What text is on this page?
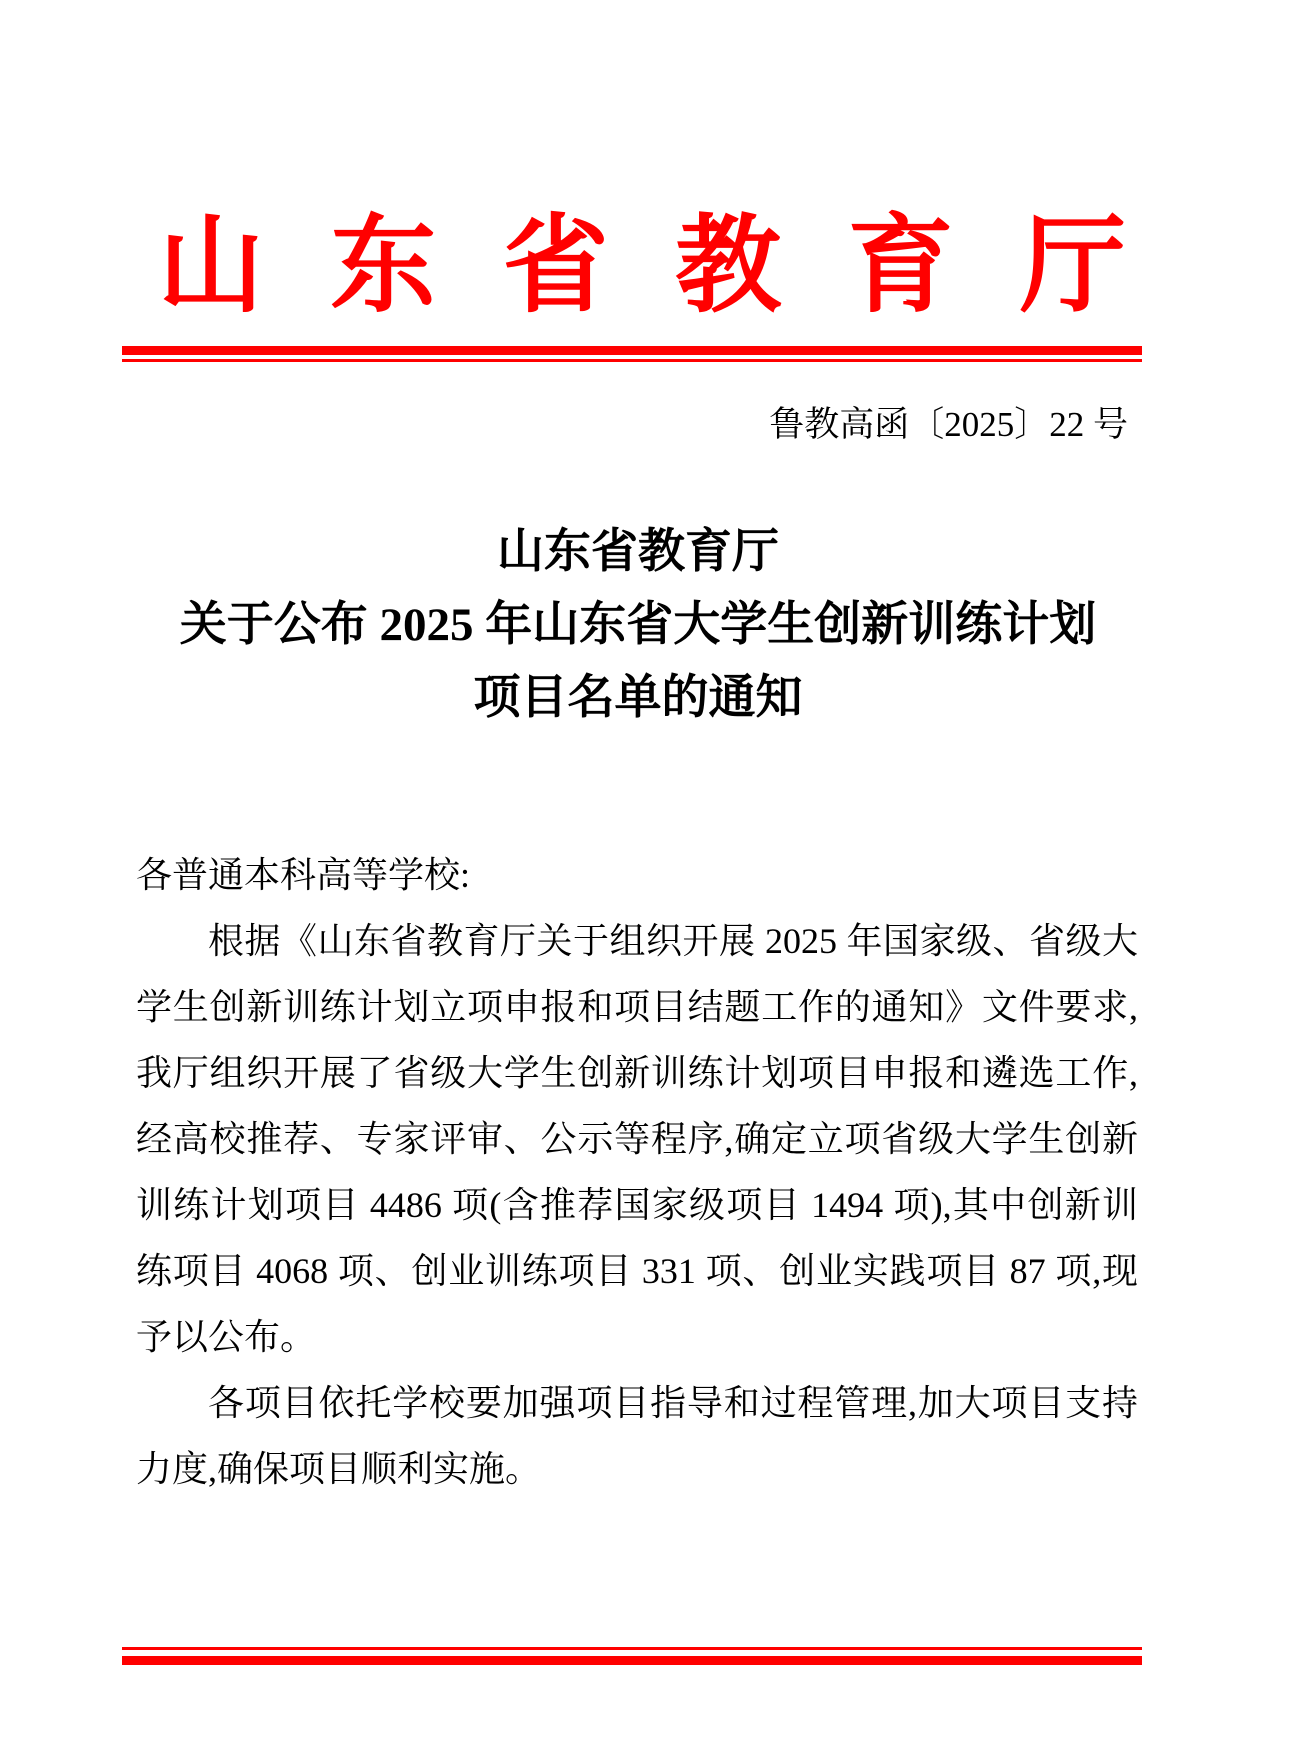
山东省教育厅
鲁教高函〔2025〕22 号
山东省教育厅
关于公布 2025 年山东省大学生创新训练计划
项目名单的通知

各普通本科高等学校:

根据《山东省教育厅关于组织开展 2025 年国家级、省级大学生创新训练计划立项申报和项目结题工作的通知》文件要求,我厅组织开展了省级大学生创新训练计划项目申报和遴选工作,经高校推荐、专家评审、公示等程序,确定立项省级大学生创新训练计划项目 4486 项(含推荐国家级项目 1494 项),其中创新训练项目 4068 项、创业训练项目 331 项、创业实践项目 87 项,现予以公布。

各项目依托学校要加强项目指导和过程管理,加大项目支持力度,确保项目顺利实施。
